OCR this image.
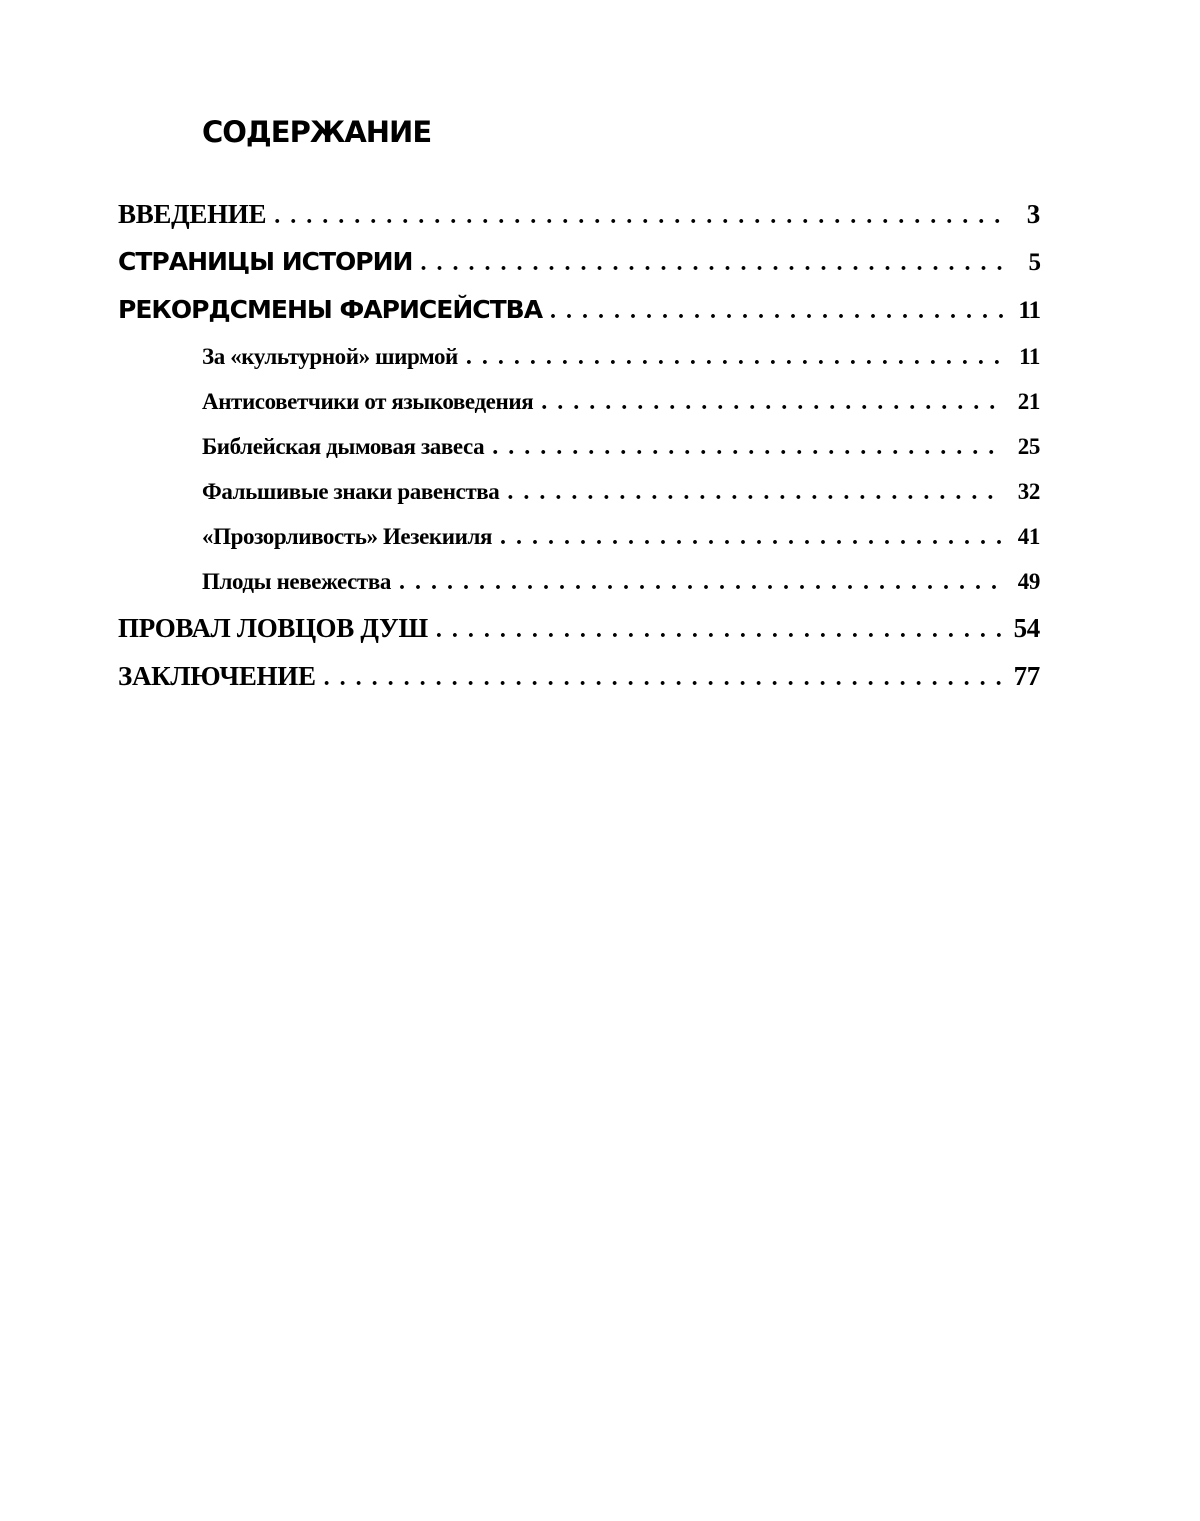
СОДЕРЖАНИЕ
ВВЕДЕНИЕ . . .	3
СТРАНИЦЫ ИСТОРИИ . . .	5
РЕКОРДСМЕНЫ ФАРИСЕЙСТВА . . .	11
За «культурной» ширмой . . .	11
Антисоветчики от языковедения . . .	21
Библейская дымовая завеса . . .	25
Фальшивые знаки равенства . . .	32
«Прозорливость» Иезекииля . . .	41
Плоды невежества . . .	49
ПРОВАЛ ЛОВЦОВ ДУШ . . .	54
ЗАКЛЮЧЕНИЕ . . .	77
